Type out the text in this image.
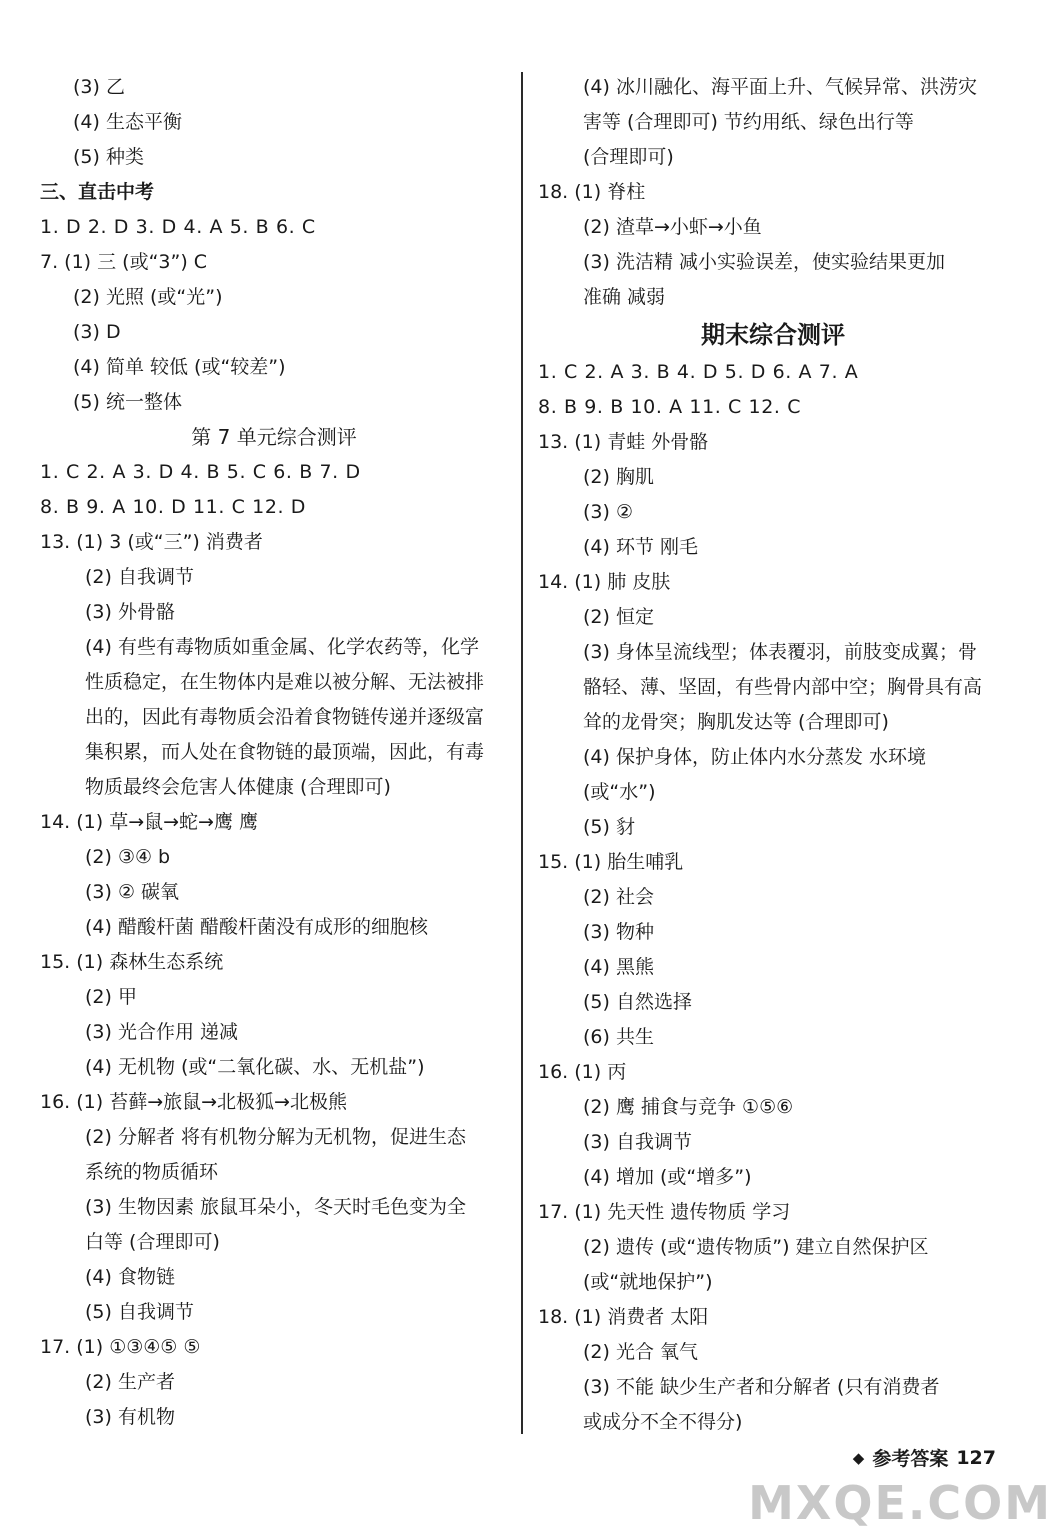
(3) 乙
(4) 生态平衡
(5) 种类
三、直击中考
1. D 2. D 3. D 4. A 5. B 6. C
7. (1) 三 (或“3”) C
(2) 光照 (或“光”)
(3) D
(4) 简单 较低 (或“较差”)
(5) 统一整体
第 7 单元综合测评
1. C 2. A 3. D 4. B 5. C 6. B 7. D
8. B 9. A 10. D 11. C 12. D
13. (1) 3 (或“三”) 消费者
(2) 自我调节
(3) 外骨骼
(4) 有些有毒物质如重金属、化学农药等，化学
性质稳定，在生物体内是难以被分解、无法被排
出的，因此有毒物质会沿着食物链传递并逐级富
集积累，而人处在食物链的最顶端，因此，有毒
物质最终会危害人体健康 (合理即可)
14. (1) 草→鼠→蛇→鹰 鹰
(2) ③④ b
(3) ② 碳氧
(4) 醋酸杆菌 醋酸杆菌没有成形的细胞核
15. (1) 森林生态系统
(2) 甲
(3) 光合作用 递减
(4) 无机物 (或“二氧化碳、水、无机盐”)
16. (1) 苔藓→旅鼠→北极狐→北极熊
(2) 分解者 将有机物分解为无机物，促进生态
系统的物质循环
(3) 生物因素 旅鼠耳朵小，冬天时毛色变为全
白等 (合理即可)
(4) 食物链
(5) 自我调节
17. (1) ①③④⑤ ⑤
(2) 生产者
(3) 有机物
(4) 冰川融化、海平面上升、气候异常、洪涝灾
害等 (合理即可) 节约用纸、绿色出行等
(合理即可)
18. (1) 脊柱
(2) 渣草→小虾→小鱼
(3) 洗洁精 减小实验误差，使实验结果更加
准确 减弱
期末综合测评
1. C 2. A 3. B 4. D 5. D 6. A 7. A
8. B 9. B 10. A 11. C 12. C
13. (1) 青蛙 外骨骼
(2) 胸肌
(3) ②
(4) 环节 刚毛
14. (1) 肺 皮肤
(2) 恒定
(3) 身体呈流线型；体表覆羽，前肢变成翼；骨
骼轻、薄、坚固，有些骨内部中空；胸骨具有高
耸的龙骨突；胸肌发达等 (合理即可)
(4) 保护身体，防止体内水分蒸发 水环境
(或“水”)
(5) 豺
15. (1) 胎生哺乳
(2) 社会
(3) 物种
(4) 黑熊
(5) 自然选择
(6) 共生
16. (1) 丙
(2) 鹰 捕食与竞争 ①⑤⑥
(3) 自我调节
(4) 增加 (或“增多”)
17. (1) 先天性 遗传物质 学习
(2) 遗传 (或“遗传物质”) 建立自然保护区
(或“就地保护”)
18. (1) 消费者 太阳
(2) 光合 氧气
(3) 不能 缺少生产者和分解者 (只有消费者
或成分不全不得分)
◆ 参考答案 127
MXQE.COM
